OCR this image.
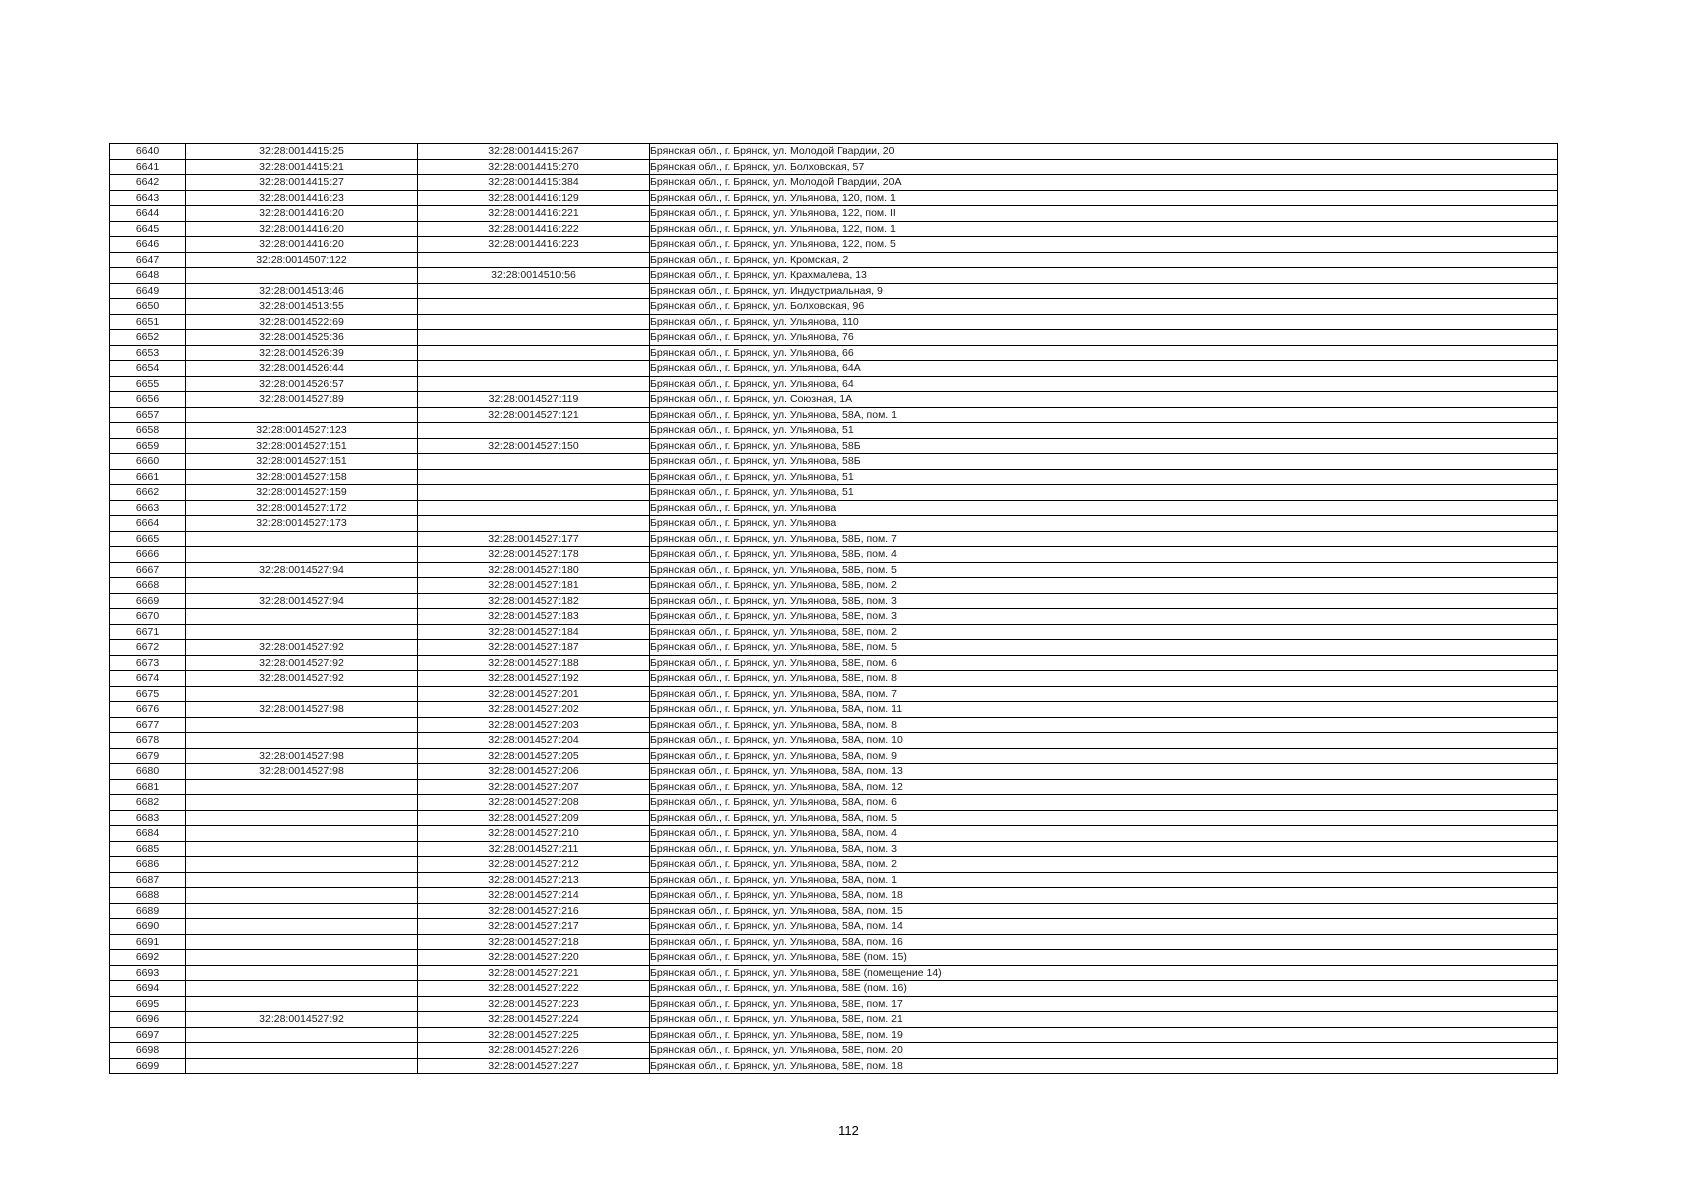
6640	32:28:0014415:25	32:28:0014415:267	Брянская обл., г. Брянск, ул. Молодой Гвардии, 20
6641	32:28:0014415:21	32:28:0014415:270	Брянская обл., г. Брянск, ул. Болховская, 57
6642	32:28:0014415:27	32:28:0014415:384	Брянская обл., г. Брянск, ул. Молодой Гвардии, 20А
6643	32:28:0014416:23	32:28:0014416:129	Брянская обл., г. Брянск, ул. Ульянова, 120, пом. 1
6644	32:28:0014416:20	32:28:0014416:221	Брянская обл., г. Брянск, ул. Ульянова, 122, пом. II
6645	32:28:0014416:20	32:28:0014416:222	Брянская обл., г. Брянск, ул. Ульянова, 122, пом. 1
6646	32:28:0014416:20	32:28:0014416:223	Брянская обл., г. Брянск, ул. Ульянова, 122, пом. 5
6647	32:28:0014507:122		Брянская обл., г. Брянск, ул. Кромская, 2
6648		32:28:0014510:56	Брянская обл., г. Брянск, ул. Крахмалева, 13
6649	32:28:0014513:46		Брянская обл., г. Брянск, ул. Индустриальная, 9
6650	32:28:0014513:55		Брянская обл., г. Брянск, ул. Болховская, 96
6651	32:28:0014522:69		Брянская обл., г. Брянск, ул. Ульянова, 110
6652	32:28:0014525:36		Брянская обл., г. Брянск, ул. Ульянова, 76
6653	32:28:0014526:39		Брянская обл., г. Брянск, ул. Ульянова, 66
6654	32:28:0014526:44		Брянская обл., г. Брянск, ул. Ульянова, 64А
6655	32:28:0014526:57		Брянская обл., г. Брянск, ул. Ульянова, 64
6656	32:28:0014527:89	32:28:0014527:119	Брянская обл., г. Брянск, ул. Союзная, 1А
6657		32:28:0014527:121	Брянская обл., г. Брянск, ул. Ульянова, 58А, пом. 1
6658	32:28:0014527:123		Брянская обл., г. Брянск, ул. Ульянова, 51
6659	32:28:0014527:151	32:28:0014527:150	Брянская обл., г. Брянск, ул. Ульянова, 58Б
6660	32:28:0014527:151		Брянская обл., г. Брянск, ул. Ульянова, 58Б
6661	32:28:0014527:158		Брянская обл., г. Брянск, ул. Ульянова, 51
6662	32:28:0014527:159		Брянская обл., г. Брянск, ул. Ульянова, 51
6663	32:28:0014527:172		Брянская обл., г. Брянск, ул. Ульянова
6664	32:28:0014527:173		Брянская обл., г. Брянск, ул. Ульянова
6665		32:28:0014527:177	Брянская обл., г. Брянск, ул. Ульянова, 58Б, пом. 7
6666		32:28:0014527:178	Брянская обл., г. Брянск, ул. Ульянова, 58Б, пом. 4
6667	32:28:0014527:94	32:28:0014527:180	Брянская обл., г. Брянск, ул. Ульянова, 58Б, пом. 5
6668		32:28:0014527:181	Брянская обл., г. Брянск, ул. Ульянова, 58Б, пом. 2
6669	32:28:0014527:94	32:28:0014527:182	Брянская обл., г. Брянск, ул. Ульянова, 58Б, пом. 3
6670		32:28:0014527:183	Брянская обл., г. Брянск, ул. Ульянова, 58Е, пом. 3
6671		32:28:0014527:184	Брянская обл., г. Брянск, ул. Ульянова, 58Е, пом. 2
6672	32:28:0014527:92	32:28:0014527:187	Брянская обл., г. Брянск, ул. Ульянова, 58Е, пом. 5
6673	32:28:0014527:92	32:28:0014527:188	Брянская обл., г. Брянск, ул. Ульянова, 58Е, пом. 6
6674	32:28:0014527:92	32:28:0014527:192	Брянская обл., г. Брянск, ул. Ульянова, 58Е, пом. 8
6675		32:28:0014527:201	Брянская обл., г. Брянск, ул. Ульянова, 58А, пом. 7
6676	32:28:0014527:98	32:28:0014527:202	Брянская обл., г. Брянск, ул. Ульянова, 58А, пом. 11
6677		32:28:0014527:203	Брянская обл., г. Брянск, ул. Ульянова, 58А, пом. 8
6678		32:28:0014527:204	Брянская обл., г. Брянск, ул. Ульянова, 58А, пом. 10
6679	32:28:0014527:98	32:28:0014527:205	Брянская обл., г. Брянск, ул. Ульянова, 58А, пом. 9
6680	32:28:0014527:98	32:28:0014527:206	Брянская обл., г. Брянск, ул. Ульянова, 58А, пом. 13
6681		32:28:0014527:207	Брянская обл., г. Брянск, ул. Ульянова, 58А, пом. 12
6682		32:28:0014527:208	Брянская обл., г. Брянск, ул. Ульянова, 58А, пом. 6
6683		32:28:0014527:209	Брянская обл., г. Брянск, ул. Ульянова, 58А, пом. 5
6684		32:28:0014527:210	Брянская обл., г. Брянск, ул. Ульянова, 58А, пом. 4
6685		32:28:0014527:211	Брянская обл., г. Брянск, ул. Ульянова, 58А, пом. 3
6686		32:28:0014527:212	Брянская обл., г. Брянск, ул. Ульянова, 58А, пом. 2
6687		32:28:0014527:213	Брянская обл., г. Брянск, ул. Ульянова, 58А, пом. 1
6688		32:28:0014527:214	Брянская обл., г. Брянск, ул. Ульянова, 58А, пом. 18
6689		32:28:0014527:216	Брянская обл., г. Брянск, ул. Ульянова, 58А, пом. 15
6690		32:28:0014527:217	Брянская обл., г. Брянск, ул. Ульянова, 58А, пом. 14
6691		32:28:0014527:218	Брянская обл., г. Брянск, ул. Ульянова, 58А, пом. 16
6692		32:28:0014527:220	Брянская обл., г. Брянск, ул. Ульянова, 58Е (пом. 15)
6693		32:28:0014527:221	Брянская обл., г. Брянск, ул. Ульянова, 58Е (помещение 14)
6694		32:28:0014527:222	Брянская обл., г. Брянск, ул. Ульянова, 58Е (пом. 16)
6695		32:28:0014527:223	Брянская обл., г. Брянск, ул. Ульянова, 58Е, пом. 17
6696	32:28:0014527:92	32:28:0014527:224	Брянская обл., г. Брянск, ул. Ульянова, 58Е, пом. 21
6697		32:28:0014527:225	Брянская обл., г. Брянск, ул. Ульянова, 58Е, пом. 19
6698		32:28:0014527:226	Брянская обл., г. Брянск, ул. Ульянова, 58Е, пом. 20
6699		32:28:0014527:227	Брянская обл., г. Брянск, ул. Ульянова, 58Е, пом. 18
112
